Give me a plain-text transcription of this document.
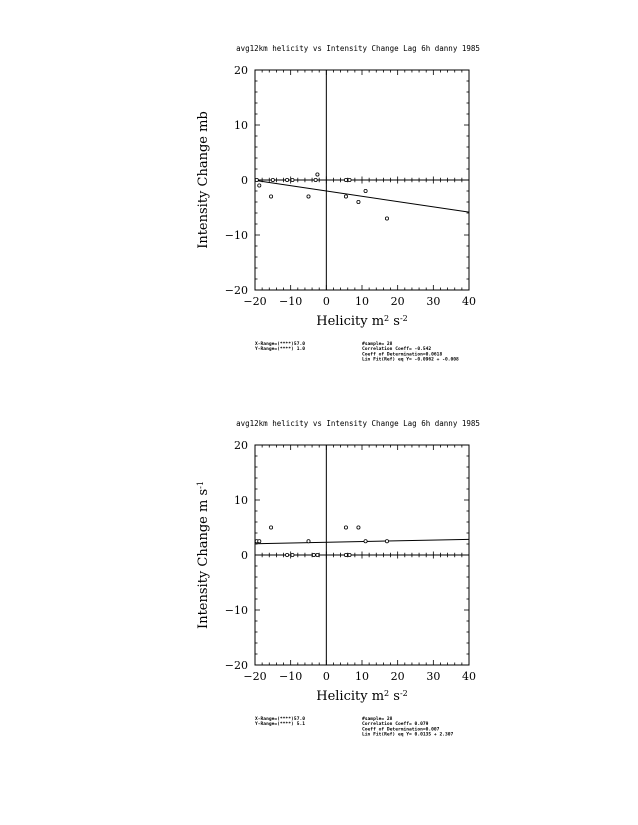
avg12km helicity vs Intensity Change Lag 6h danny 1985
−20 −10 0 10 20 30 40
−20
−10
0
10
20
Helicity $m^2$ $s^{-2}$
Intensity Change mb
X-Range=(****) 57.0
Y-Range=(****) 1.0
#sample= 28
Correlation Coeff= -0.542
Coeff of Determination=0.0618
Lin Fit(Ref) eq Y= -0.0962 + -0.008
avg12km helicity vs Intensity Change Lag 6h danny 1985
−20 −10 0 10 20 30 40
−20
−10
0
10
20
Helicity $m^2$ $s^{-2}$
Intensity Change m $s^{-1}$
X-Range=(****) 57.0
Y-Range=(****) 5.1
#sample= 28
Correlation Coeff= 0.079
Coeff of Determination=0.007
Lin Fit(Ref) eq Y= 0.0135 + 2.307
